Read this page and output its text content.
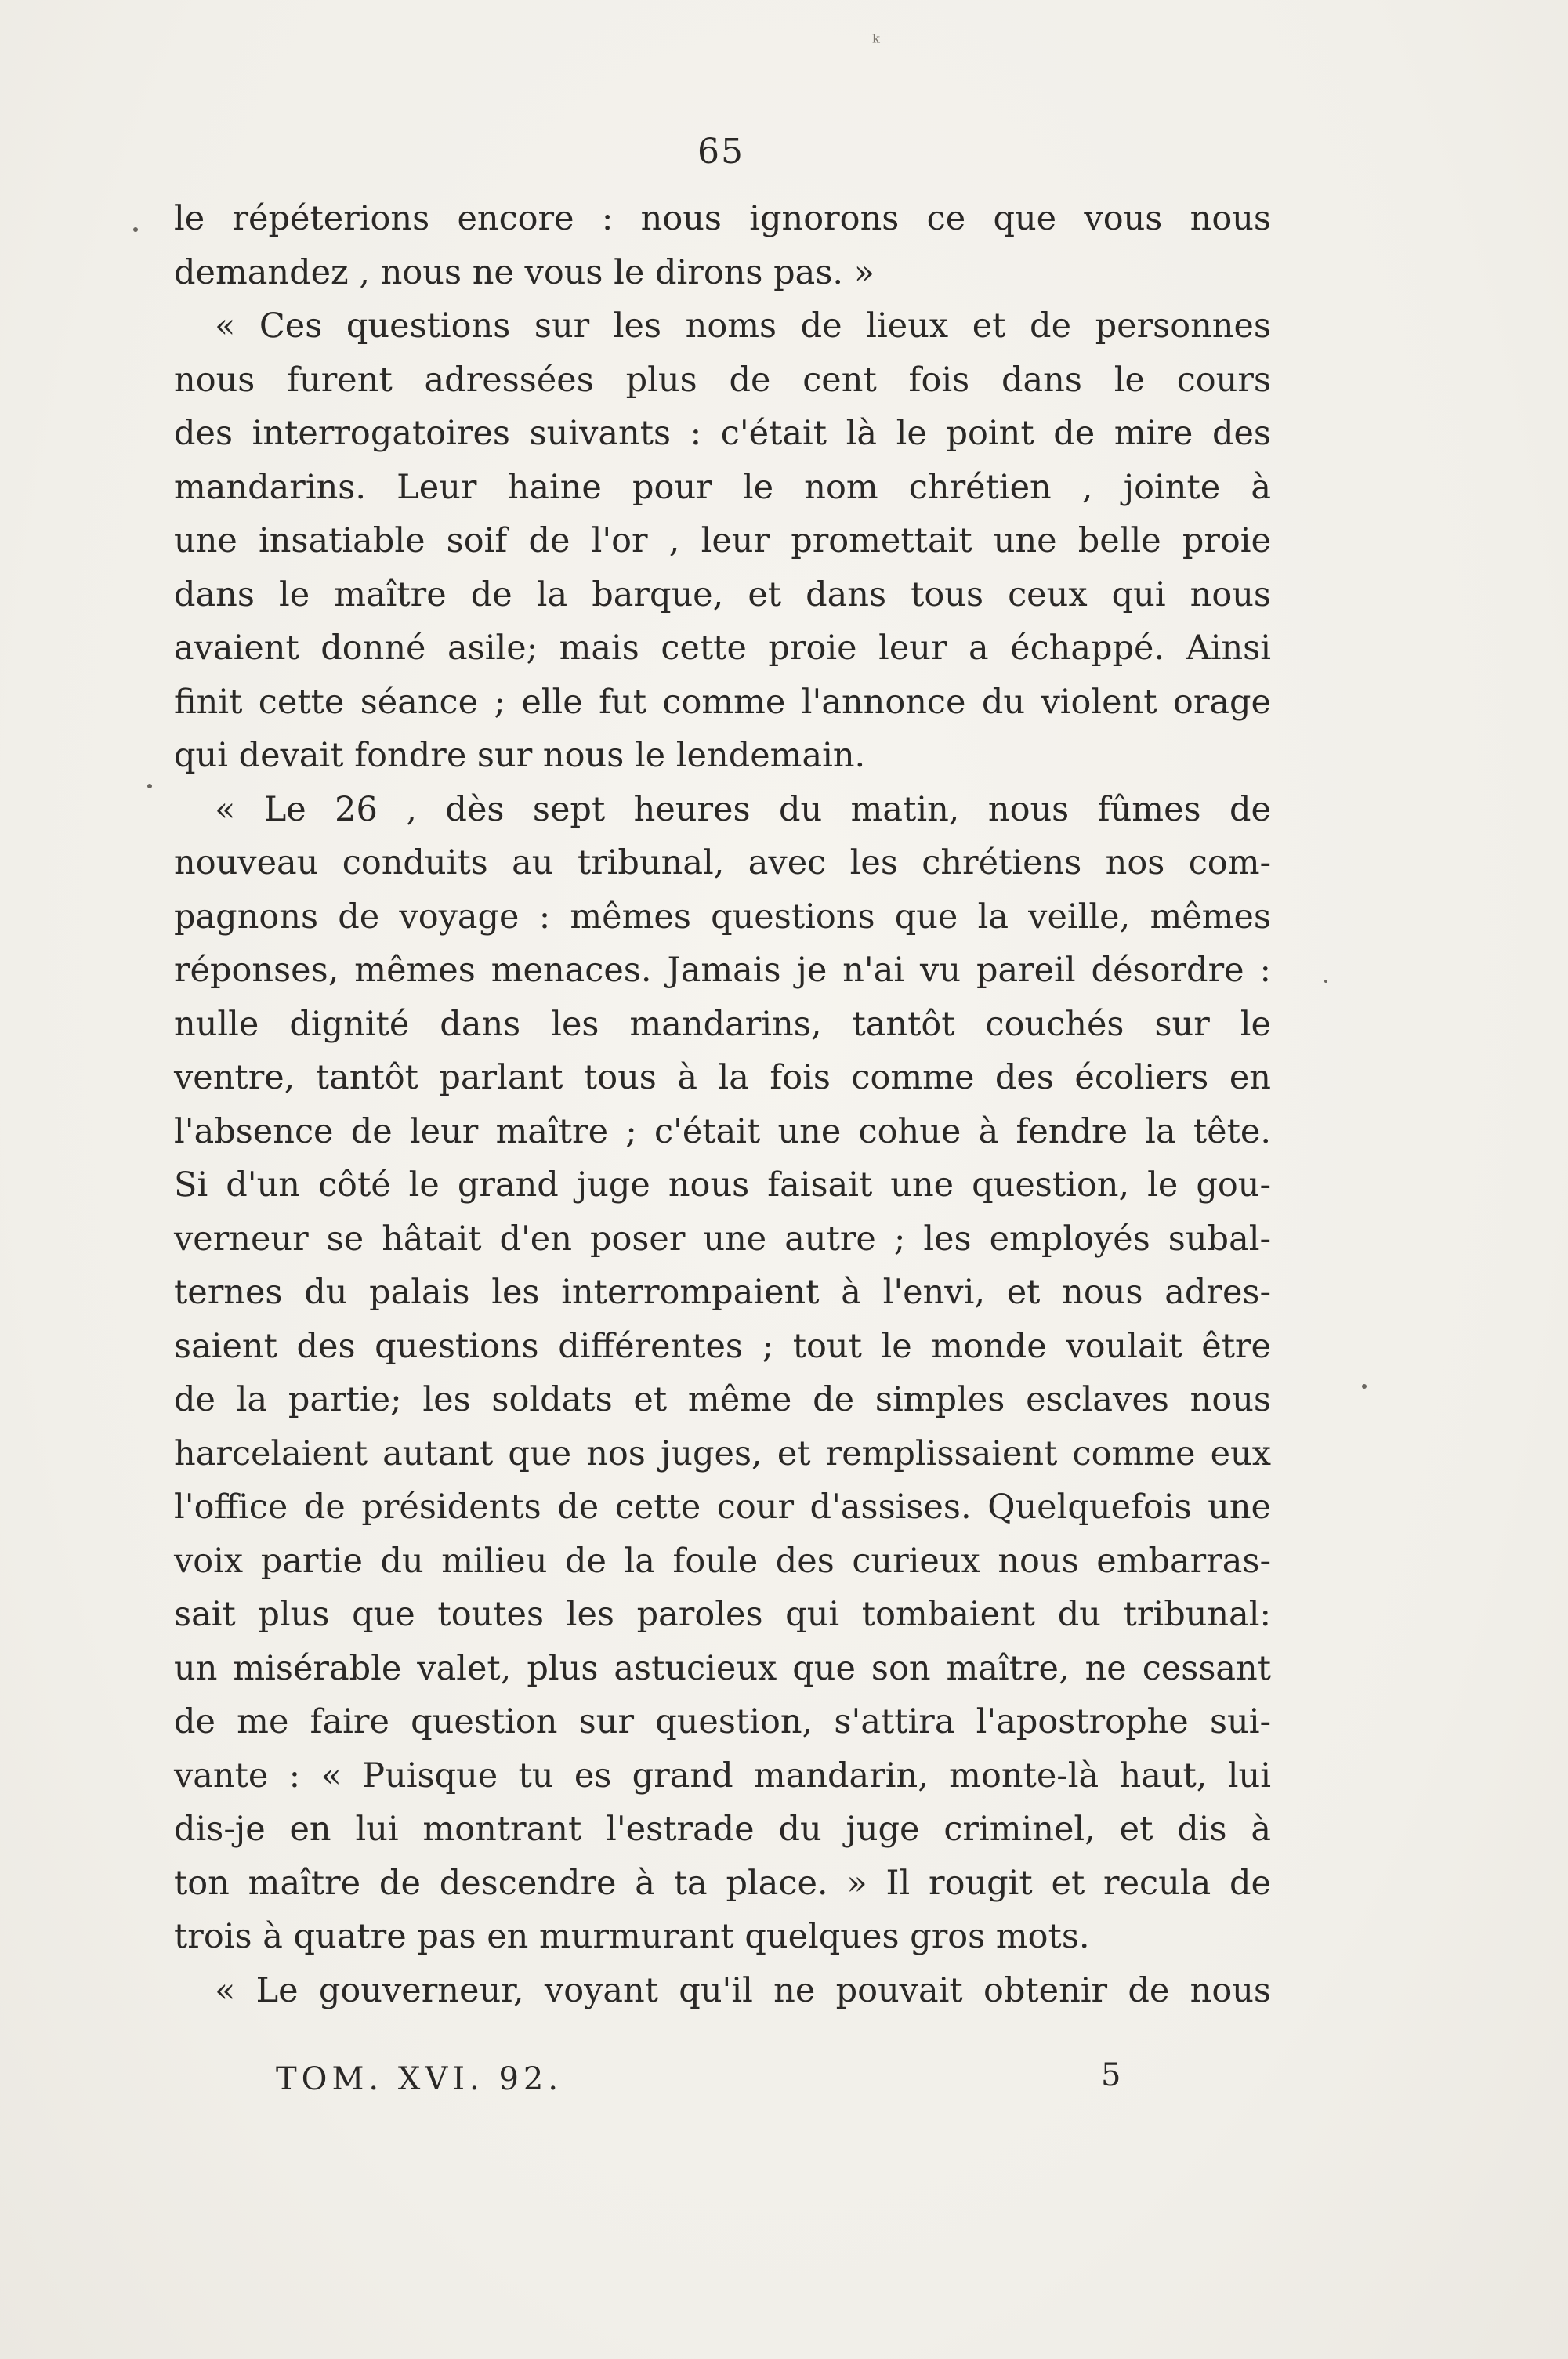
ᵏ
65
le répéterions encore : nous ignorons ce que vous nous
demandez , nous ne vous le dirons pas. »
« Ces questions sur les noms de lieux et de personnes
nous furent adressées plus de cent fois dans le cours
des interrogatoires suivants : c'était là le point de mire des
mandarins. Leur haine pour le nom chrétien , jointe à
une insatiable soif de l'or , leur promettait une belle proie
dans le maître de la barque, et dans tous ceux qui nous
avaient donné asile; mais cette proie leur a échappé. Ainsi
finit cette séance ; elle fut comme l'annonce du violent orage
qui devait fondre sur nous le lendemain.
« Le 26 , dès sept heures du matin, nous fûmes de
nouveau conduits au tribunal, avec les chrétiens nos com-
pagnons de voyage : mêmes questions que la veille, mêmes
réponses, mêmes menaces. Jamais je n'ai vu pareil désordre :
nulle dignité dans les mandarins, tantôt couchés sur le
ventre, tantôt parlant tous à la fois comme des écoliers en
l'absence de leur maître ; c'était une cohue à fendre la tête.
Si d'un côté le grand juge nous faisait une question, le gou-
verneur se hâtait d'en poser une autre ; les employés subal-
ternes du palais les interrompaient à l'envi, et nous adres-
saient des questions différentes ; tout le monde voulait être
de la partie; les soldats et même de simples esclaves nous
harcelaient autant que nos juges, et remplissaient comme eux
l'office de présidents de cette cour d'assises. Quelquefois une
voix partie du milieu de la foule des curieux nous embarras-
sait plus que toutes les paroles qui tombaient du tribunal:
un misérable valet, plus astucieux que son maître, ne cessant
de me faire question sur question, s'attira l'apostrophe sui-
vante : « Puisque tu es grand mandarin, monte-là haut, lui
dis-je en lui montrant l'estrade du juge criminel, et dis à
ton maître de descendre à ta place. » Il rougit et recula de
trois à quatre pas en murmurant quelques gros mots.
« Le gouverneur, voyant qu'il ne pouvait obtenir de nous
TOM. XVI. 92.	5
